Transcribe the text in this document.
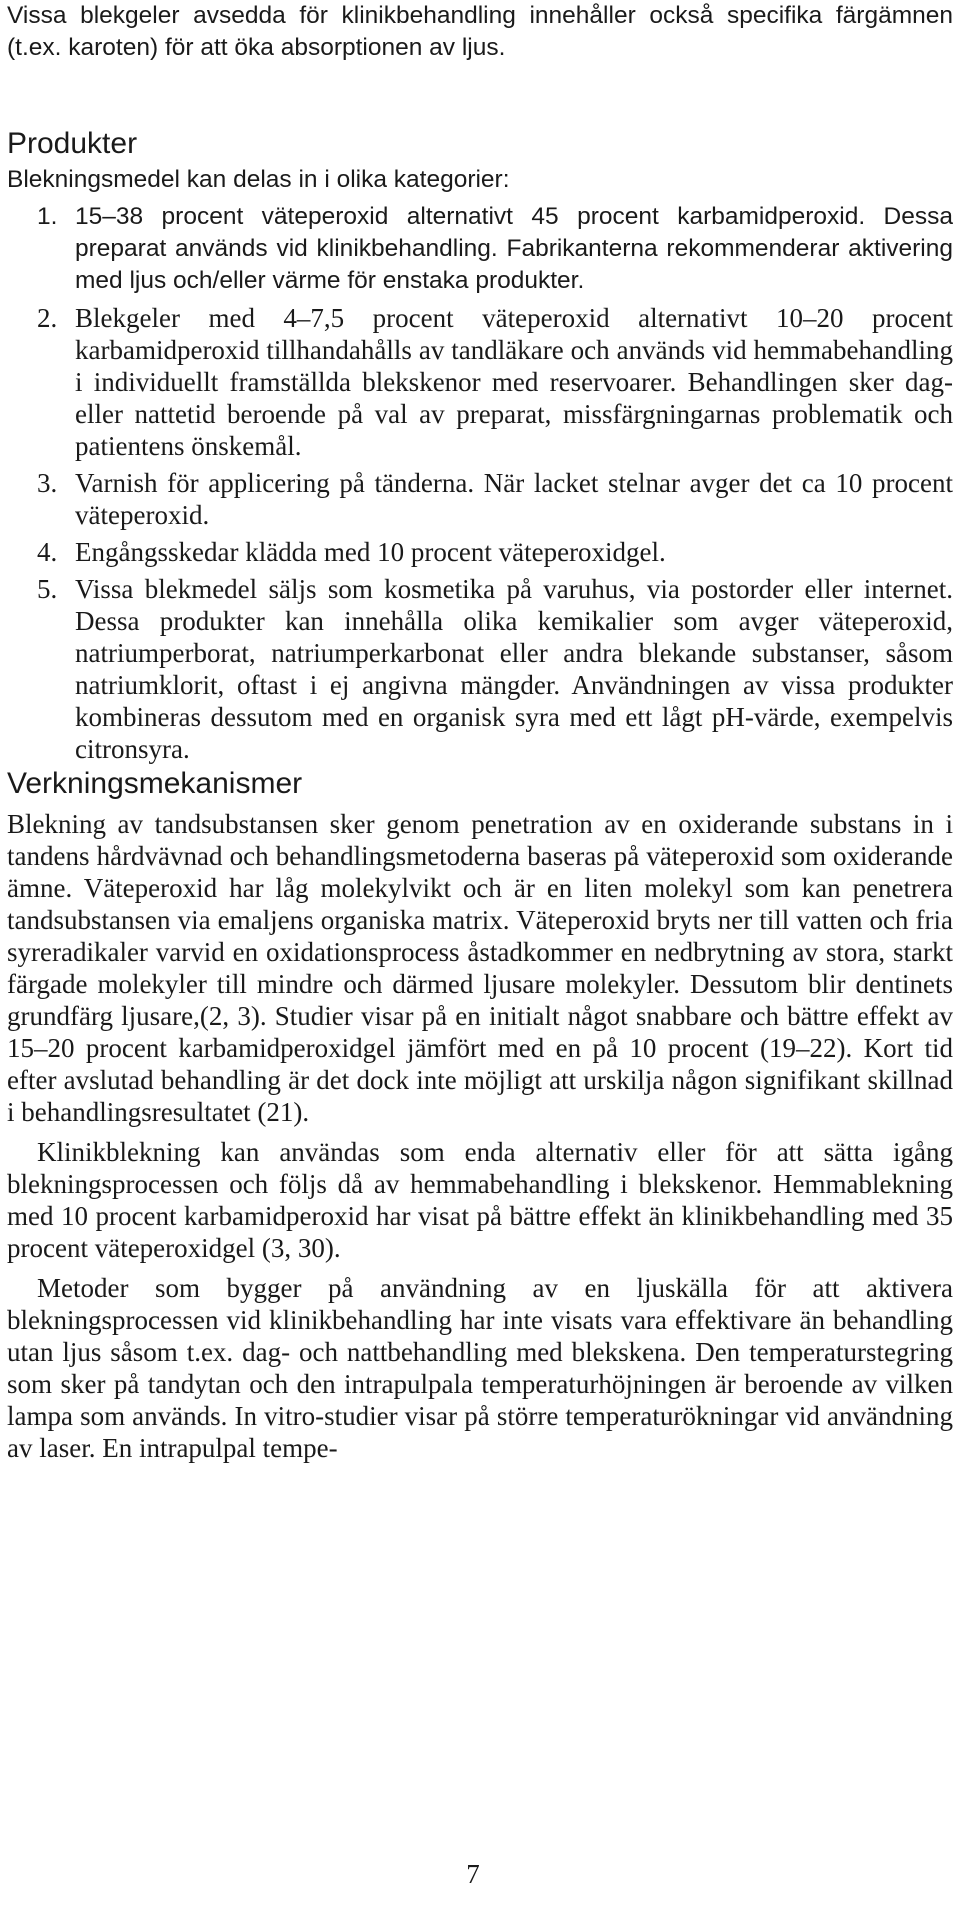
Vissa blekgeler avsedda för klinikbehandling innehåller också specifika färgämnen (t.ex. karoten) för att öka absorptionen av ljus.

Produkter

Blekningsmedel kan delas in i olika kategorier:

1. 15–38 procent väteperoxid alternativt 45 procent karbamidperoxid. Dessa preparat används vid klinikbehandling. Fabrikanterna rekommenderar aktivering med ljus och/eller värme för enstaka produkter.
2. Blekgeler med 4–7,5 procent väteperoxid alternativt 10–20 procent karbamidperoxid tillhandahålls av tandläkare och används vid hemmabehandling i individuellt framställda blekskenor med reservoarer. Behandlingen sker dag- eller nattetid beroende på val av preparat, missfärgningarnas problematik och patientens önskemål.
3. Varnish för applicering på tänderna. När lacket stelnar avger det ca 10 procent väteperoxid.
4. Engångsskedar klädda med 10 procent väteperoxidgel.
5. Vissa blekmedel säljs som kosmetika på varuhus, via postorder eller internet. Dessa produkter kan innehålla olika kemikalier som avger väteperoxid, natriumperborat, natriumperkarbonat eller andra blekande substanser, såsom natriumklorit, oftast i ej angivna mängder. Användningen av vissa produkter kombineras dessutom med en organisk syra med ett lågt pH-värde, exempelvis citronsyra.
Verkningsmekanismer

Blekning av tandsubstansen sker genom penetration av en oxiderande substans in i tandens hårdvävnad och behandlingsmetoderna baseras på väteperoxid som oxiderande ämne. Väteperoxid har låg molekylvikt och är en liten molekyl som kan penetrera tandsubstansen via emaljens organiska matrix. Väteperoxid bryts ner till vatten och fria syreradikaler varvid en oxidationsprocess åstadkommer en nedbrytning av stora, starkt färgade molekyler till mindre och därmed ljusare molekyler. Dessutom blir dentinets grundfärg ljusare,(2, 3). Studier visar på en initialt något snabbare och bättre effekt av 15–20 procent karbamidperoxidgel jämfört med en på 10 procent (19–22). Kort tid efter avslutad behandling är det dock inte möjligt att urskilja någon signifikant skillnad i behandlingsresultatet (21).

Klinikblekning kan användas som enda alternativ eller för att sätta igång blekningsprocessen och följs då av hemmabehandling i blekskenor. Hemmablekning med 10 procent karbamidperoxid har visat på bättre effekt än klinikbehandling med 35 procent väteperoxidgel (3, 30).

Metoder som bygger på användning av en ljuskälla för att aktivera blekningsprocessen vid klinikbehandling har inte visats vara effektivare än behandling utan ljus såsom t.ex. dag- och nattbehandling med blekskena. Den temperaturstegring som sker på tandytan och den intrapulpala temperaturhöjningen är beroende av vilken lampa som används. In vitro-studier visar på större temperaturökningar vid användning av laser. En intrapulpal tempe-

7
